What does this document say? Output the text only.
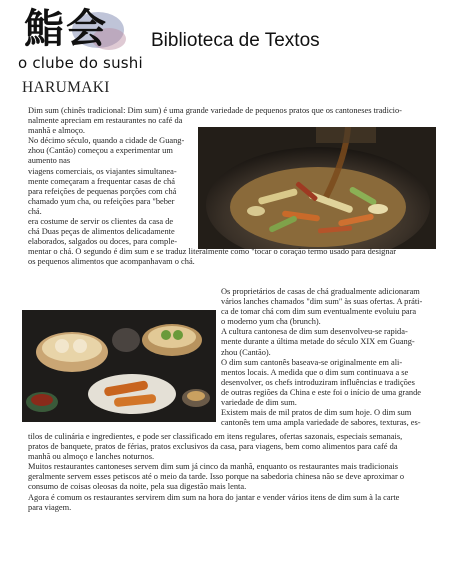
鮨会
o clube do sushi
Biblioteca de Textos
HARUMAKI
Dim sum (chinês tradicional: Dim sum) é uma grande variedade de pequenos pratos que os cantoneses tradicio-
nalmente apreciam em restaurantes no café da
manhã e almoço.
No décimo século, quando a cidade de Guang-
zhou (Cantão) começou a experimentar um
aumento nas
viagens comerciais, os viajantes simultanea-
mente começaram a frequentar casas de chá
para refeições de pequenas porções com chá
chamado yum cha, ou refeições para "beber
chá.
era costume de servir os clientes da casa de
chá Duas peças de alimentos delicadamente
elaborados, salgados ou doces, para comple-
mentar o chá. O segundo é dim sum e se traduz literalmente como "tocar o coração termo usado para designar
os pequenos alimentos que acompanhavam o chá.
Os proprietários de casas de chá gradualmente adicionaram
vários lanches chamados "dim sum" às suas ofertas. A práti-
ca de tomar chá com dim sum eventualmente evoluiu para
o moderno yum cha (brunch).
A cultura cantonesa de dim sum desenvolveu-se rapida-
mente durante a última metade do século XIX em Guang-
zhou (Cantão).
O dim sum cantonês baseava-se originalmente em ali-
mentos locais. A medida que o dim sum continuava a se
desenvolver, os chefs introduziram influências e tradições
de outras regiões da China e este foi o início de uma grande
variedade de dim sum.
Existem mais de mil pratos de dim sum hoje. O dim sum
cantonês tem uma ampla variedade de sabores, texturas, es-
tilos de culinária e ingredientes, e pode ser classificado em itens regulares, ofertas sazonais, especiais semanais,
pratos de banquete, pratos de férias, pratos exclusivos da casa, para viagens, bem como alimentos para café da
manhã ou almoço e lanches noturnos.
Muitos restaurantes cantoneses servem dim sum já cinco da manhã, enquanto os restaurantes mais tradicionais
geralmente servem esses petiscos até o meio da tarde. Isso porque na sabedoria chinesa não se deve aproximar o
consumo de coisas oleosas da noite, pela sua digestão mais lenta.
Agora é comum os restaurantes servirem dim sum na hora do jantar e vender vários itens de dim sum à la carte
para viagem.
